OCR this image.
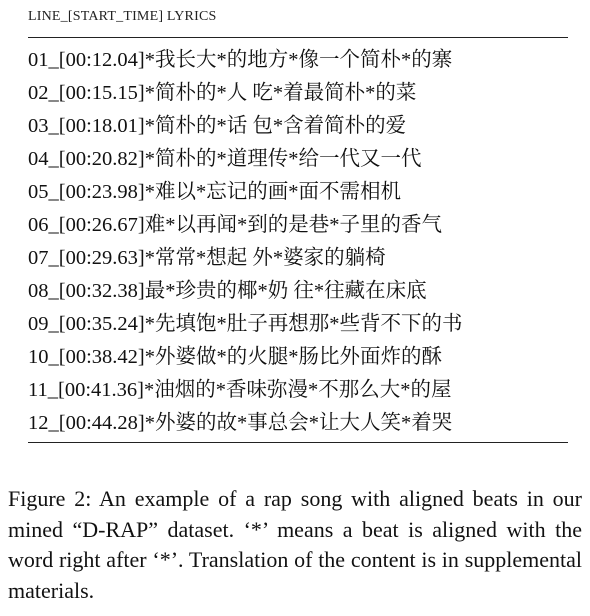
LINE_[START_TIME] LYRICS
01_[00:12.04]*我长大*的地方*像一个简朴*的寨
02_[00:15.15]*简朴的*人 吃*着最简朴*的菜
03_[00:18.01]*简朴的*话 包*含着简朴的爱
04_[00:20.82]*简朴的*道理传*给一代又一代
05_[00:23.98]*难以*忘记的画*面不需相机
06_[00:26.67]难*以再闻*到的是巷*子里的香气
07_[00:29.63]*常常*想起 外*婆家的躺椅
08_[00:32.38]最*珍贵的椰*奶 往*往藏在床底
09_[00:35.24]*先填饱*肚子再想那*些背不下的书
10_[00:38.42]*外婆做*的火腿*肠比外面炸的酥
11_[00:41.36]*油烟的*香味弥漫*不那么大*的屋
12_[00:44.28]*外婆的故*事总会*让大人笑*着哭
Figure 2: An example of a rap song with aligned beats in our mined “D-RAP” dataset. ‘*’ means a beat is aligned with the word right after ‘*’. Translation of the content is in supplemental materials.
